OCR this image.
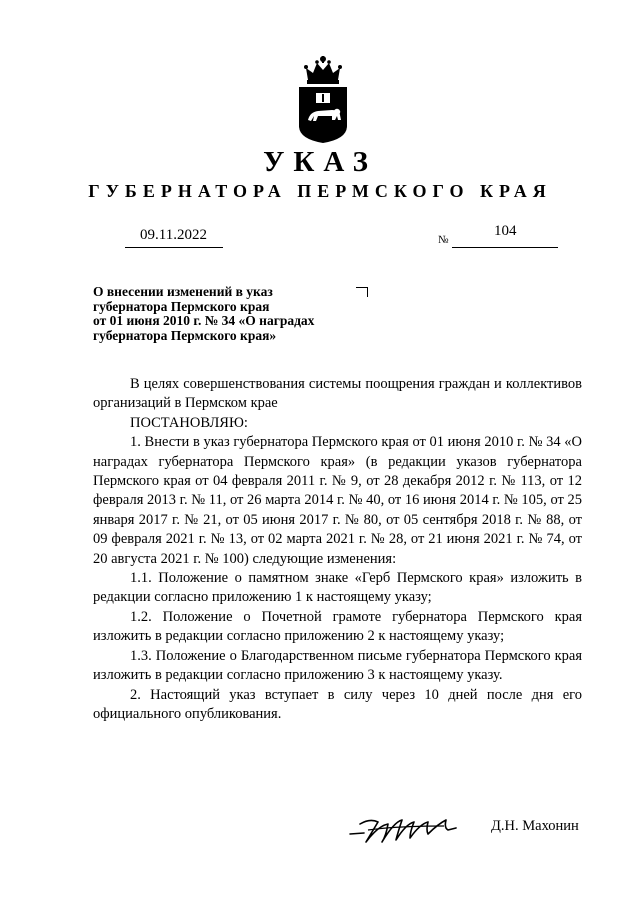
УКАЗ
ГУБЕРНАТОРА ПЕРМСКОГО КРАЯ
09.11.2022	№
104
О внесении изменений в указ
губернатора Пермского края
от 01 июня 2010 г. № 34 «О наградах
губернатора Пермского края»

В целях совершенствования системы поощрения граждан и коллективов организаций в Пермском крае

ПОСТАНОВЛЯЮ:

1. Внести в указ губернатора Пермского края от 01 июня 2010 г. № 34 «О наградах губернатора Пермского края» (в редакции указов губернатора Пермского края от 04 февраля 2011 г. № 9, от 28 декабря 2012 г. № 113, от 12 февраля 2013 г. № 11, от 26 марта 2014 г. № 40, от 16 июня 2014 г. № 105, от 25 января 2017 г. № 21, от 05 июня 2017 г. № 80, от 05 сентября 2018 г. № 88, от 09 февраля 2021 г. № 13, от 02 марта 2021 г. № 28, от 21 июня 2021 г. № 74, от 20 августа 2021 г. № 100) следующие изменения:

1.1. Положение о памятном знаке «Герб Пермского края» изложить в редакции согласно приложению 1 к настоящему указу;

1.2. Положение о Почетной грамоте губернатора Пермского края изложить в редакции согласно приложению 2 к настоящему указу;

1.3. Положение о Благодарственном письме губернатора Пермского края изложить в редакции согласно приложению 3 к настоящему указу.

2. Настоящий указ вступает в силу через 10 дней после дня его официального опубликования.

Д.Н. Махонин
